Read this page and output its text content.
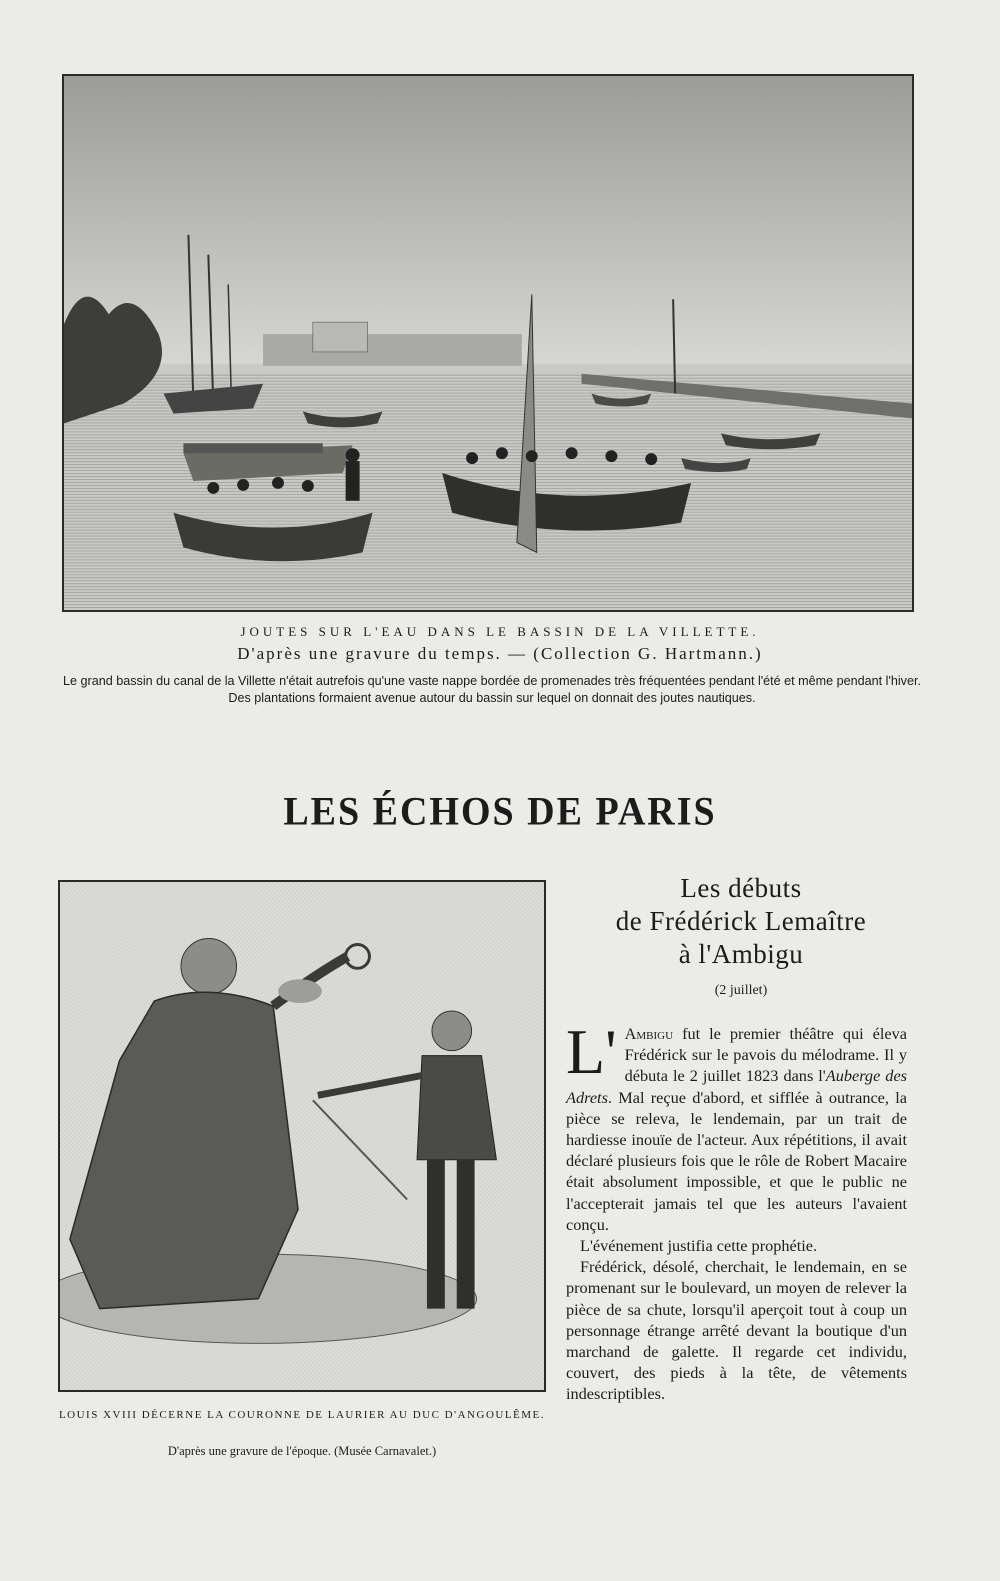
JOUTES SUR L'EAU DANS LE BASSIN DE LA VILLETTE.
D'après une gravure du temps. — (Collection G. Hartmann.)
Le grand bassin du canal de la Villette n'était autrefois qu'une vaste nappe bordée de promenades très fréquentées pendant l'été et même pendant l'hiver. Des plantations formaient avenue autour du bassin sur lequel on donnait des joutes nautiques.
LES ÉCHOS DE PARIS
LOUIS XVIII DÉCERNE LA COURONNE DE LAURIER AU DUC D'ANGOULÊME.
D'après une gravure de l'époque. (Musée Carnavalet.)
Les débuts
de Frédérick Lemaître
à l'Ambigu
(2 juillet)

L' Ambigu fut le premier théâtre qui éleva Frédérick sur le pavois du mélodrame. Il y débuta le 2 juillet 1823 dans l'Auberge des Adrets. Mal reçue d'abord, et sifflée à outrance, la pièce se releva, le lendemain, par un trait de hardiesse inouïe de l'acteur. Aux répétitions, il avait déclaré plusieurs fois que le rôle de Robert Macaire était absolument impossible, et que le public ne l'accepterait jamais tel que les auteurs l'avaient conçu.

L'événement justifia cette prophétie.

Frédérick, désolé, cherchait, le lendemain, en se promenant sur le boulevard, un moyen de relever la pièce de sa chute, lorsqu'il aperçoit tout à coup un personnage étrange arrêté devant la boutique d'un marchand de galette. Il regarde cet individu, couvert, des pieds à la tête, de vêtements indescriptibles.
